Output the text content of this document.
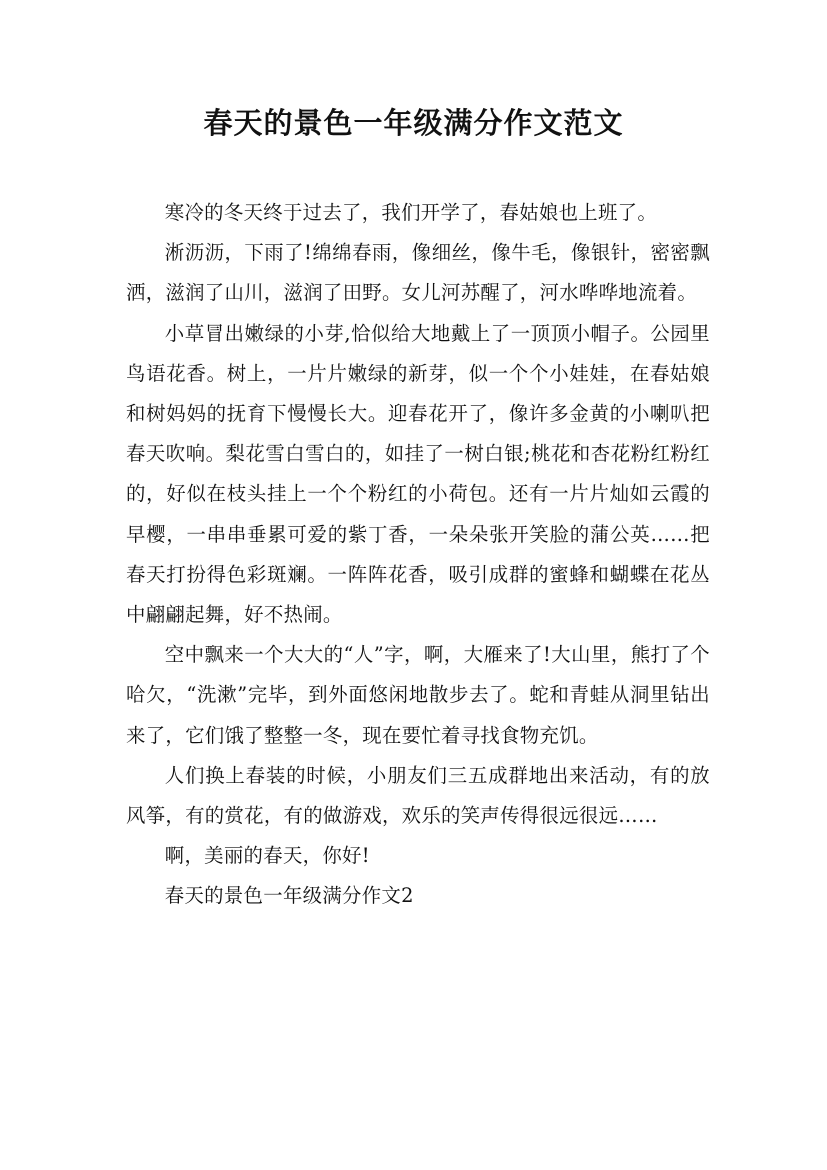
春天的景色一年级满分作文范文

寒冷的冬天终于过去了，我们开学了，春姑娘也上班了。

淅沥沥，下雨了!绵绵春雨，像细丝，像牛毛，像银针，密密飘洒，滋润了山川，滋润了田野。女儿河苏醒了，河水哗哗地流着。

小草冒出嫩绿的小芽,恰似给大地戴上了一顶顶小帽子。公园里鸟语花香。树上，一片片嫩绿的新芽，似一个个小娃娃，在春姑娘和树妈妈的抚育下慢慢长大。迎春花开了，像许多金黄的小喇叭把春天吹响。梨花雪白雪白的，如挂了一树白银;桃花和杏花粉红粉红的，好似在枝头挂上一个个粉红的小荷包。还有一片片灿如云霞的早樱，一串串垂累可爱的紫丁香，一朵朵张开笑脸的蒲公英……把春天打扮得色彩斑斓。一阵阵花香，吸引成群的蜜蜂和蝴蝶在花丛中翩翩起舞，好不热闹。

空中飘来一个大大的“人”字，啊，大雁来了!大山里，熊打了个哈欠，“洗漱”完毕，到外面悠闲地散步去了。蛇和青蛙从洞里钻出来了，它们饿了整整一冬，现在要忙着寻找食物充饥。

人们换上春装的时候，小朋友们三五成群地出来活动，有的放风筝，有的赏花，有的做游戏，欢乐的笑声传得很远很远……

啊，美丽的春天，你好!

春天的景色一年级满分作文2
